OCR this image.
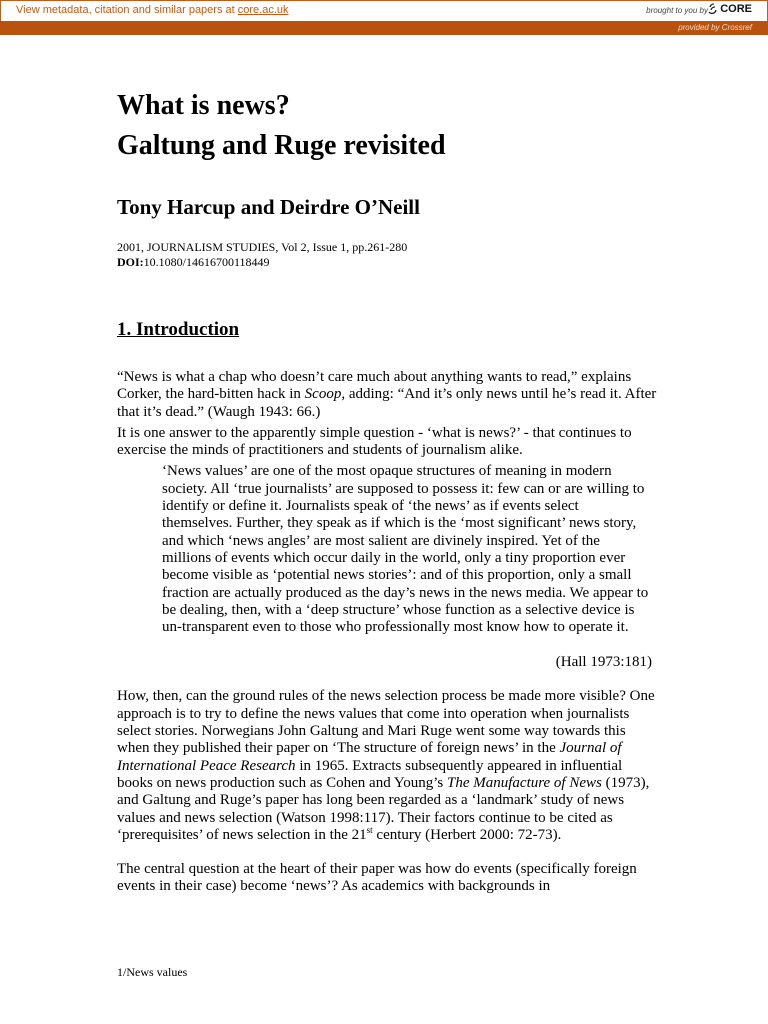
View metadata, citation and similar papers at core.ac.uk	brought to you by CORE
provided by Crossref
What is news?
Galtung and Ruge revisited
Tony Harcup and Deirdre O’Neill
2001, JOURNALISM STUDIES, Vol 2, Issue 1, pp.261-280
DOI:10.1080/14616700118449
1. Introduction

“News is what a chap who doesn’t care much about anything wants to read,” explains Corker, the hard-bitten hack in Scoop, adding: “And it’s only news until he’s read it. After that it’s dead.” (Waugh 1943: 66.)

It is one answer to the apparently simple question - ‘what is news?’ - that continues to exercise the minds of practitioners and students of journalism alike.

‘News values’ are one of the most opaque structures of meaning in modern society. All ‘true journalists’ are supposed to possess it: few can or are willing to identify or define it. Journalists speak of ‘the news’ as if events select themselves. Further, they speak as if which is the ‘most significant’ news story, and which ‘news angles’ are most salient are divinely inspired. Yet of the millions of events which occur daily in the world, only a tiny proportion ever become visible as ‘potential news stories’: and of this proportion, only a small fraction are actually produced as the day’s news in the news media. We appear to be dealing, then, with a ‘deep structure’ whose function as a selective device is un-transparent even to those who professionally most know how to operate it.
(Hall 1973:181)

How, then, can the ground rules of the news selection process be made more visible? One approach is to try to define the news values that come into operation when journalists select stories. Norwegians John Galtung and Mari Ruge went some way towards this when they published their paper on ‘The structure of foreign news’ in the Journal of International Peace Research in 1965. Extracts subsequently appeared in influential books on news production such as Cohen and Young’s The Manufacture of News (1973), and Galtung and Ruge’s paper has long been regarded as a ‘landmark’ study of news values and news selection (Watson 1998:117). Their factors continue to be cited as ‘prerequisites’ of news selection in the 21st century (Herbert 2000: 72-73).

The central question at the heart of their paper was how do events (specifically foreign events in their case) become ‘news’? As academics with backgrounds in

1/News values
